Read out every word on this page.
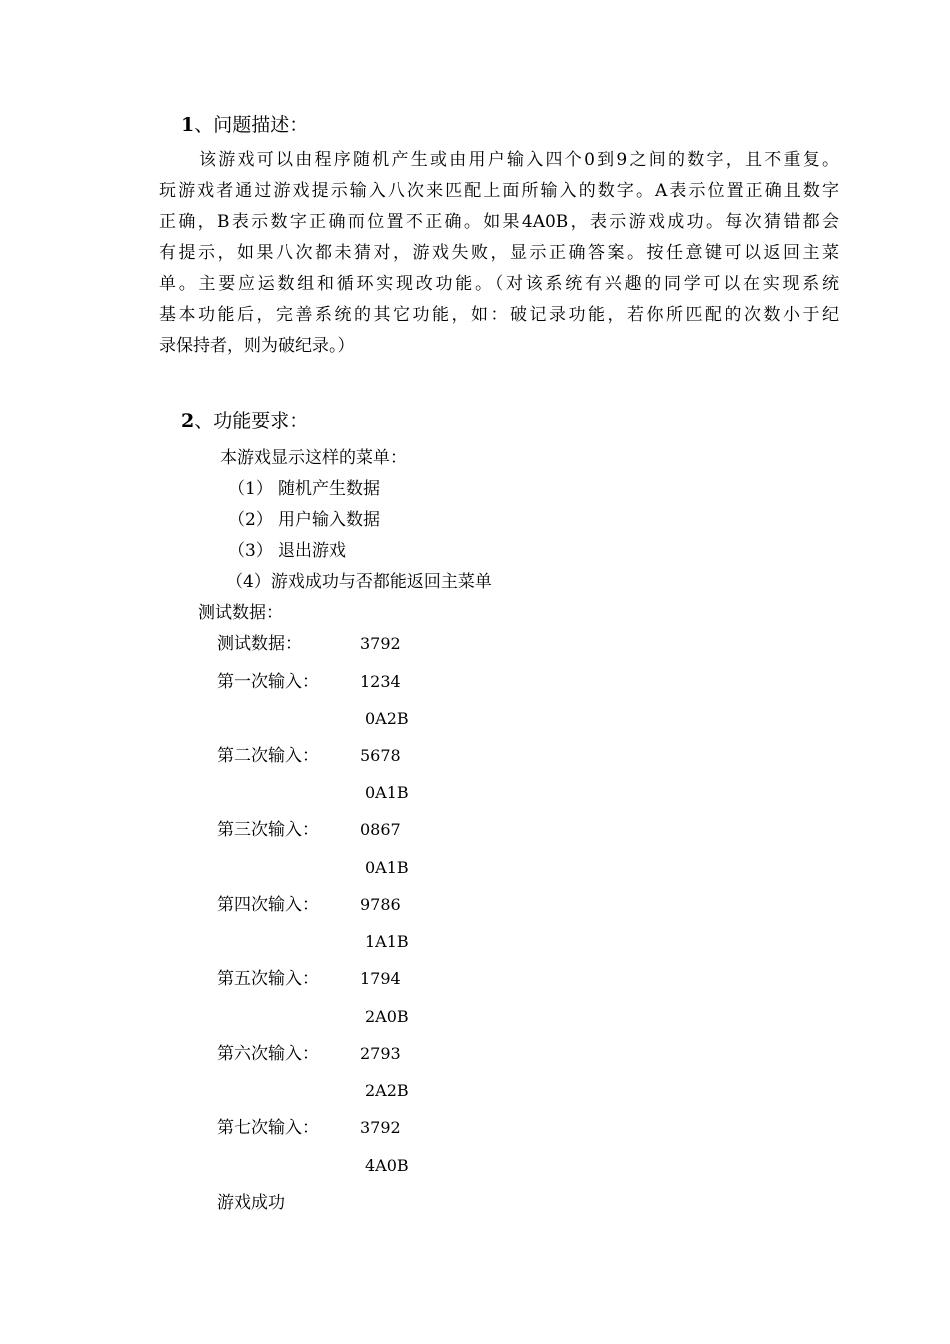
1、问题描述：
该游戏可以由程序随机产生或由用户输入四个0到9之间的数字，且不重复。
玩游戏者通过游戏提示输入八次来匹配上面所输入的数字。A表示位置正确且数字
正确，B表示数字正确而位置不正确。如果4A0B，表示游戏成功。每次猜错都会
有提示，如果八次都未猜对，游戏失败，显示正确答案。按任意键可以返回主菜
单。主要应运数组和循环实现改功能。（对该系统有兴趣的同学可以在实现系统
基本功能后，完善系统的其它功能，如：破记录功能，若你所匹配的次数小于纪
录保持者，则为破纪录。）
2、功能要求：
本游戏显示这样的菜单：
（1） 随机产生数据
（2） 用户输入数据
（3） 退出游戏
（4）游戏成功与否都能返回主菜单
测试数据：
测试数据：	3792
第一次输入：	1234
0A2B
第二次输入：	5678
0A1B
第三次输入：	0867
0A1B
第四次输入：	9786
1A1B
第五次输入：	1794
2A0B
第六次输入：	2793
2A2B
第七次输入：	3792
4A0B
游戏成功
